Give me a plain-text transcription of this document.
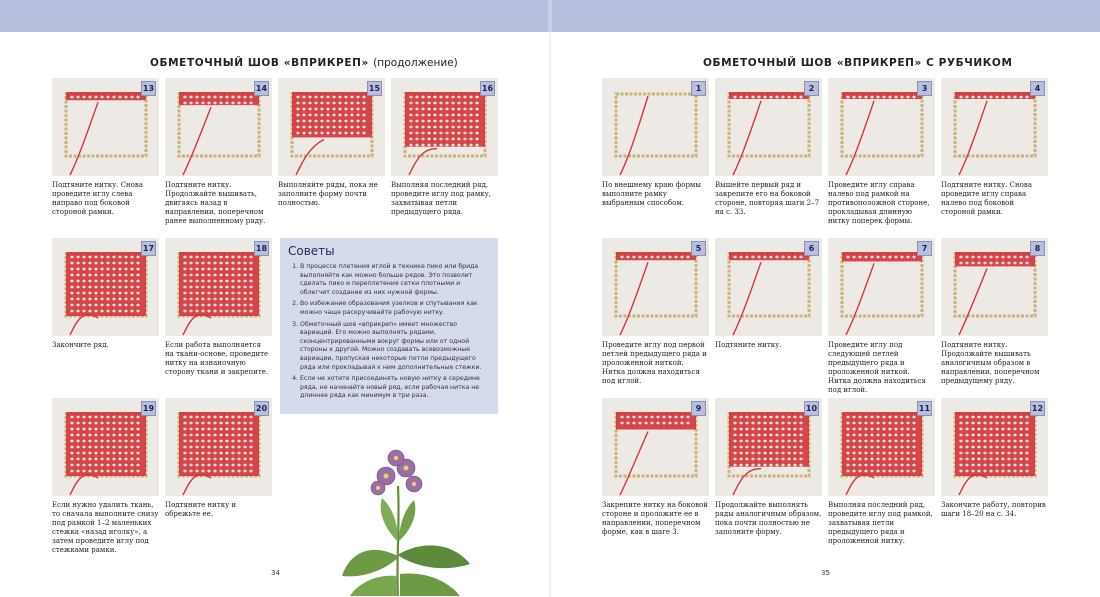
ОБМЕТОЧНЫЙ ШОВ «ВПРИКРЕП» (продолжение)
13
Подтяните нитку. Снова проведите иглу слева направо под боковой стороной рамки.
14
Подтяните нитку. Продолжайте вышивать, двигаясь назад в направлении, поперечном ранее выполненному ряду.
15
Выполняйте ряды, пока не заполните форму почти полностью.
16
Выполняя последний ряд, проведите иглу под рамку, захватывая петли предыдущего ряда.
17
Закончите ряд.
18
Если работа выполняется на ткани-основе, проведите нитку на изнаночную сторону ткани и закрепите.
Советы
1. В процессе плетения иглой в технике пико или брида выполняйте как можно больше рядов. Это позволит сделать пико и переплетения сетки плотными и облегчит создание из них нужной формы.
2. Во избежание образования узелков и спутывания как можно чаще раскручивайте рабочую нитку.
3. Обметочный шов «вприкреп» имеет множество вариаций. Его можно выполнять рядами, сконцентрированными вокруг формы или от одной стороны к другой. Можно создавать всевозможные вариации, пропуская некоторые петли предыдущего ряда или прокладывая к ним дополнительные стежки.
4. Если не хотите присоединять новую нитку в середине ряда, не начинайте новый ряд, если рабочая нитка не длиннее ряда как минимум в три раза.
19
Если нужно удалить ткань, то сначала выполните снизу под рамкой 1–2 маленьких стежка «назад иголку», а затем проведите иглу под стежками рамки.
20
Подтяните нитку и обрежьте ее.
34
ОБМЕТОЧНЫЙ ШОВ «ВПРИКРЕП» С РУБЧИКОМ
1
По внешнему краю формы выполните рамку выбранным способом.
2
Вышейте первый ряд и закрепите его на боковой стороне, повторяя шаги 2–7 на с. 33.
3
Проведите иглу справа налево под рамкой на противоположной стороне, прокладывая длинную нитку поперек формы.
4
Подтяните нитку. Снова проведите иглу справа налево под боковой стороной рамки.
5
Проведите иглу под первой петлей предыдущего ряда и проложенной ниткой. Нитка должна находиться под иглой.
6
Подтяните нитку.
7
Проведите иглу под следующей петлей предыдущего ряда и проложенной ниткой. Нитка должна находиться под иглой.
8
Подтяните нитку. Продолжайте вышивать аналогичным образом в направлении, поперечном предыдущему ряду.
9
Закрепите нитку на боковой стороне и проложите ее в направлении, поперечном форме, как в шаге 3.
10
Продолжайте выполнять ряды аналогичным образом, пока почти полностью не заполните форму.
11
Выполняя последний ряд, проведите иглу под рамкой, захватывая петли предыдущего ряда и проложенной нитку.
12
Закончите работу, повторив шаги 18–20 на с. 34.
35
